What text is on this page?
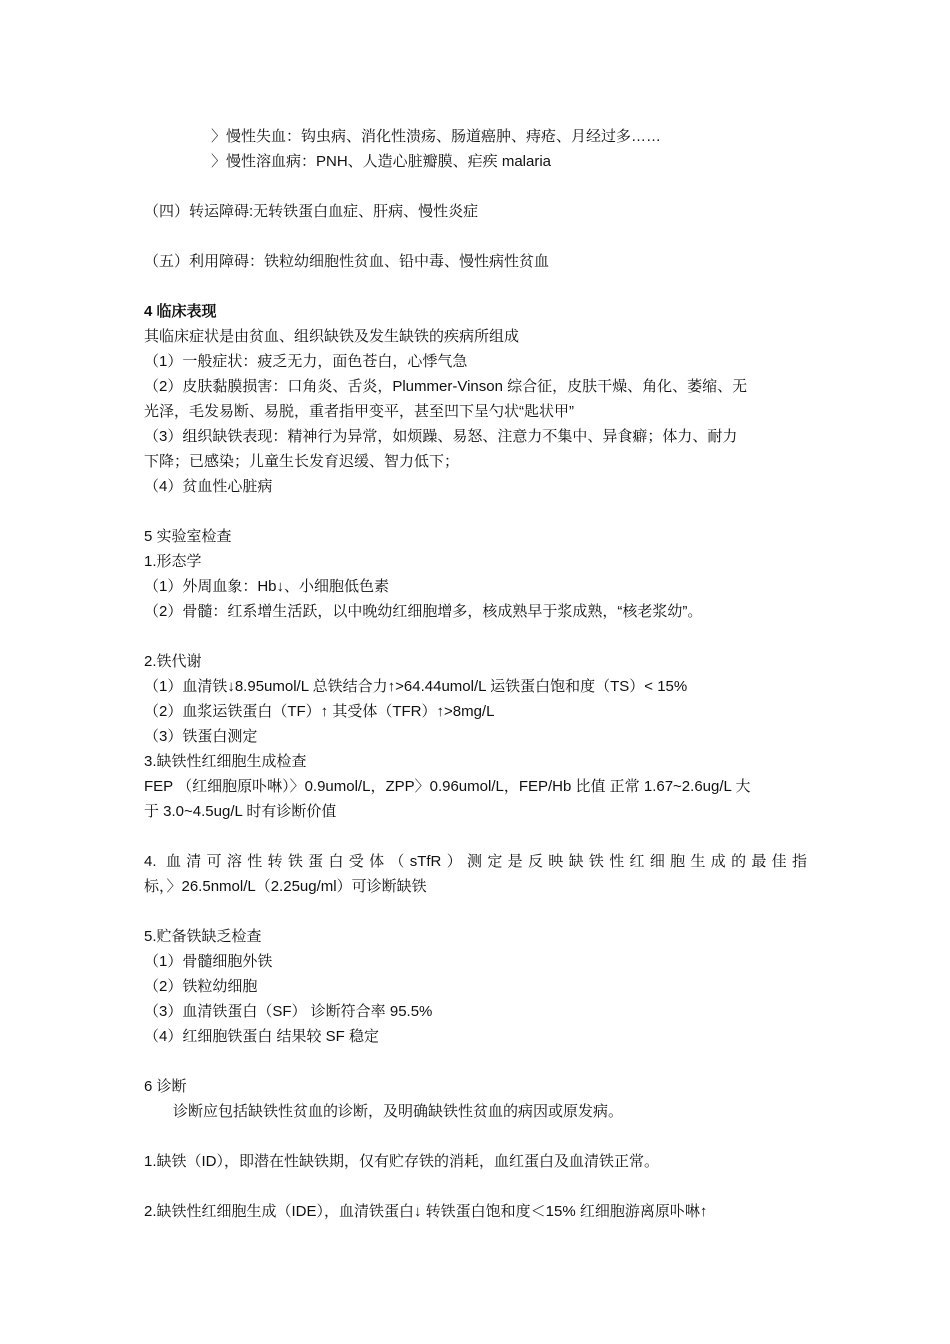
〉慢性失血：钩虫病、消化性溃疡、肠道癌肿、痔疮、月经过多……
〉慢性溶血病：PNH、人造心脏瓣膜、疟疾 malaria
（四）转运障碍:无转铁蛋白血症、肝病、慢性炎症
（五）利用障碍：铁粒幼细胞性贫血、铅中毒、慢性病性贫血
4 临床表现
其临床症状是由贫血、组织缺铁及发生缺铁的疾病所组成
（1）一般症状：疲乏无力，面色苍白，心悸气急
（2）皮肤黏膜损害：口角炎、舌炎，Plummer-Vinson 综合征，皮肤干燥、角化、萎缩、无
光泽，毛发易断、易脱，重者指甲变平，甚至凹下呈勺状“匙状甲”
（3）组织缺铁表现：精神行为异常，如烦躁、易怒、注意力不集中、异食癖；体力、耐力
下降；已感染；儿童生长发育迟缓、智力低下；
（4）贫血性心脏病
5 实验室检查
1.形态学
（1）外周血象：Hb↓、小细胞低色素
（2）骨髓：红系增生活跃，以中晚幼红细胞增多，核成熟早于浆成熟，“核老浆幼”。
2.铁代谢
（1）血清铁↓8.95umol/L 总铁结合力↑>64.44umol/L 运铁蛋白饱和度（TS）< 15%
（2）血浆运铁蛋白（TF）↑ 其受体（TFR）↑>8mg/L
（3）铁蛋白测定
3.缺铁性红细胞生成检查
FEP （红细胞原卟啉）〉0.9umol/L，ZPP〉0.96umol/L，FEP/Hb 比值 正常 1.67~2.6ug/L 大
于 3.0~4.5ug/L 时有诊断价值
4. 血清可溶性转铁蛋白受体（sTfR）测定是反映缺铁性红细胞生成的最佳指
标，〉26.5nmol/L（2.25ug/ml）可诊断缺铁
5.贮备铁缺乏检查
（1）骨髓细胞外铁
（2）铁粒幼细胞
（3）血清铁蛋白（SF） 诊断符合率 95.5%
（4）红细胞铁蛋白 结果较 SF 稳定
6 诊断
诊断应包括缺铁性贫血的诊断，及明确缺铁性贫血的病因或原发病。
1.缺铁（ID），即潜在性缺铁期，仅有贮存铁的消耗，血红蛋白及血清铁正常。
2.缺铁性红细胞生成（IDE），血清铁蛋白↓ 转铁蛋白饱和度＜15% 红细胞游离原卟啉↑
